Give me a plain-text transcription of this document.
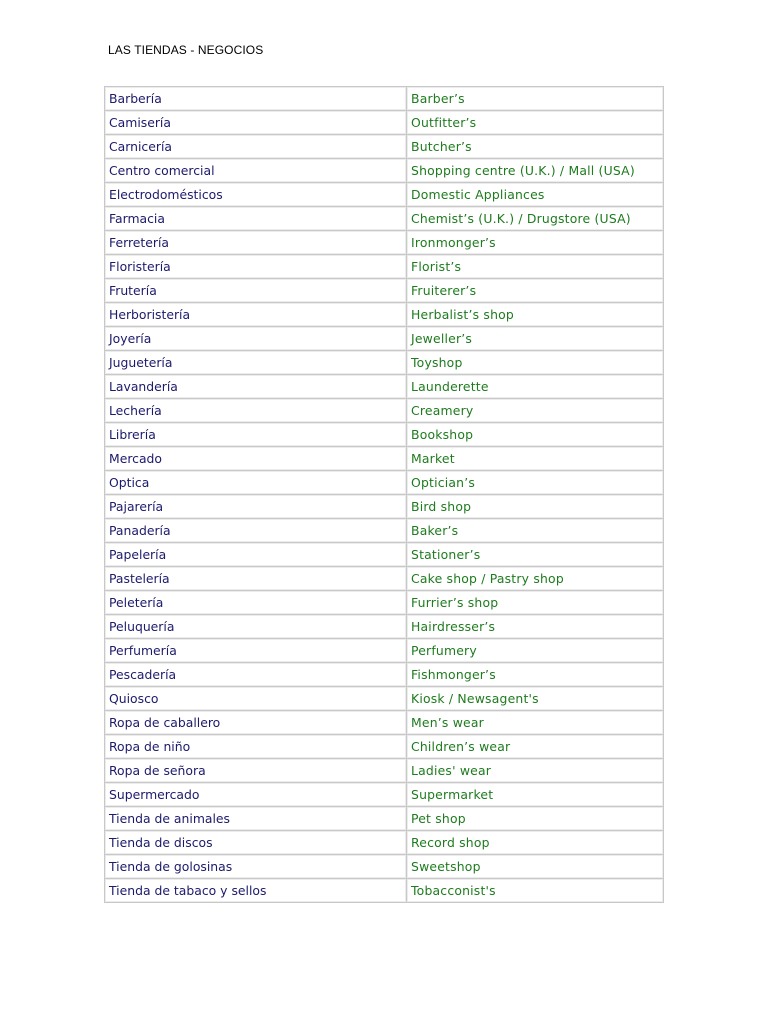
LAS TIENDAS - NEGOCIOS
Barbería	Barber’s
Camisería	Outfitter’s
Carnicería	Butcher’s
Centro comercial	Shopping centre (U.K.) / Mall (USA)
Electrodomésticos	Domestic Appliances
Farmacia	Chemist’s (U.K.) / Drugstore (USA)
Ferretería	Ironmonger’s
Floristería	Florist’s
Frutería	Fruiterer’s
Herboristería	Herbalist’s shop
Joyería	Jeweller’s
Juguetería	Toyshop
Lavandería	Launderette
Lechería	Creamery
Librería	Bookshop
Mercado	Market
Optica	Optician’s
Pajarería	Bird shop
Panadería	Baker’s
Papelería	Stationer’s
Pastelería	Cake shop / Pastry shop
Peletería	Furrier’s shop
Peluquería	Hairdresser’s
Perfumería	Perfumery
Pescadería	Fishmonger’s
Quiosco	Kiosk / Newsagent's
Ropa de caballero	Men’s wear
Ropa de niño	Children’s wear
Ropa de señora	Ladies' wear
Supermercado	Supermarket
Tienda de animales	Pet shop
Tienda de discos	Record shop
Tienda de golosinas	Sweetshop
Tienda de tabaco y sellos	Tobacconist's
